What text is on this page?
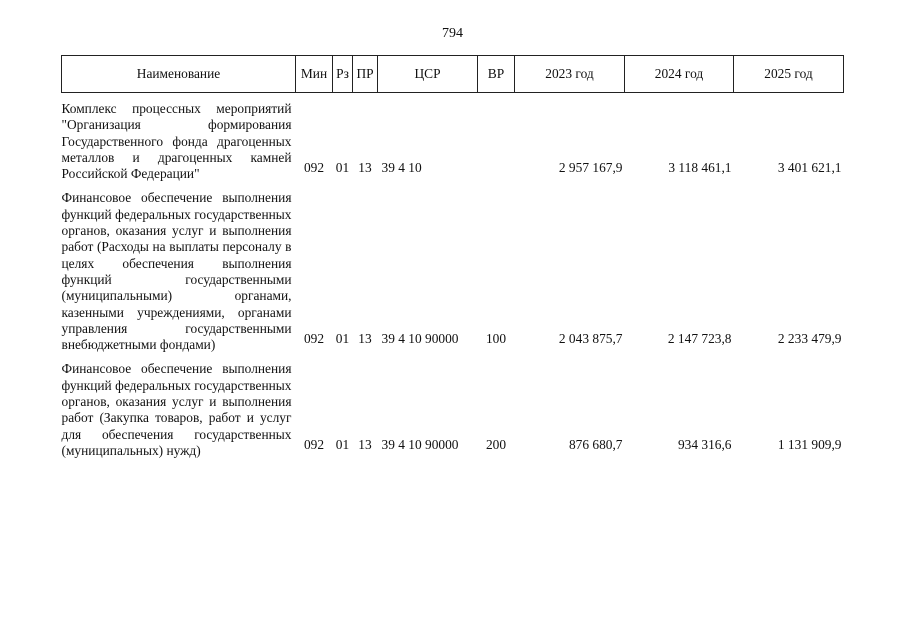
794
Наименование	Мин	Рз	ПР	ЦСР	ВР	2023 год	2024 год	2025 год
Комплекс процессных мероприятий "Организация формирования Государственного фонда драгоценных металлов и драгоценных камней Российской Федерации"	092	01	13	39 4 10		2 957 167,9	3 118 461,1	3 401 621,1
Финансовое обеспечение выполнения функций федеральных государственных органов, оказания услуг и выполнения работ (Расходы на выплаты персоналу в целях обеспечения выполнения функций государственными (муниципальными) органами, казенными учреждениями, органами управления государственными внебюджетными фондами)	092	01	13	39 4 10 90000	100	2 043 875,7	2 147 723,8	2 233 479,9
Финансовое обеспечение выполнения функций федеральных государственных органов, оказания услуг и выполнения работ (Закупка товаров, работ и услуг для обеспечения государственных (муниципальных) нужд)	092	01	13	39 4 10 90000	200	876 680,7	934 316,6	1 131 909,9
